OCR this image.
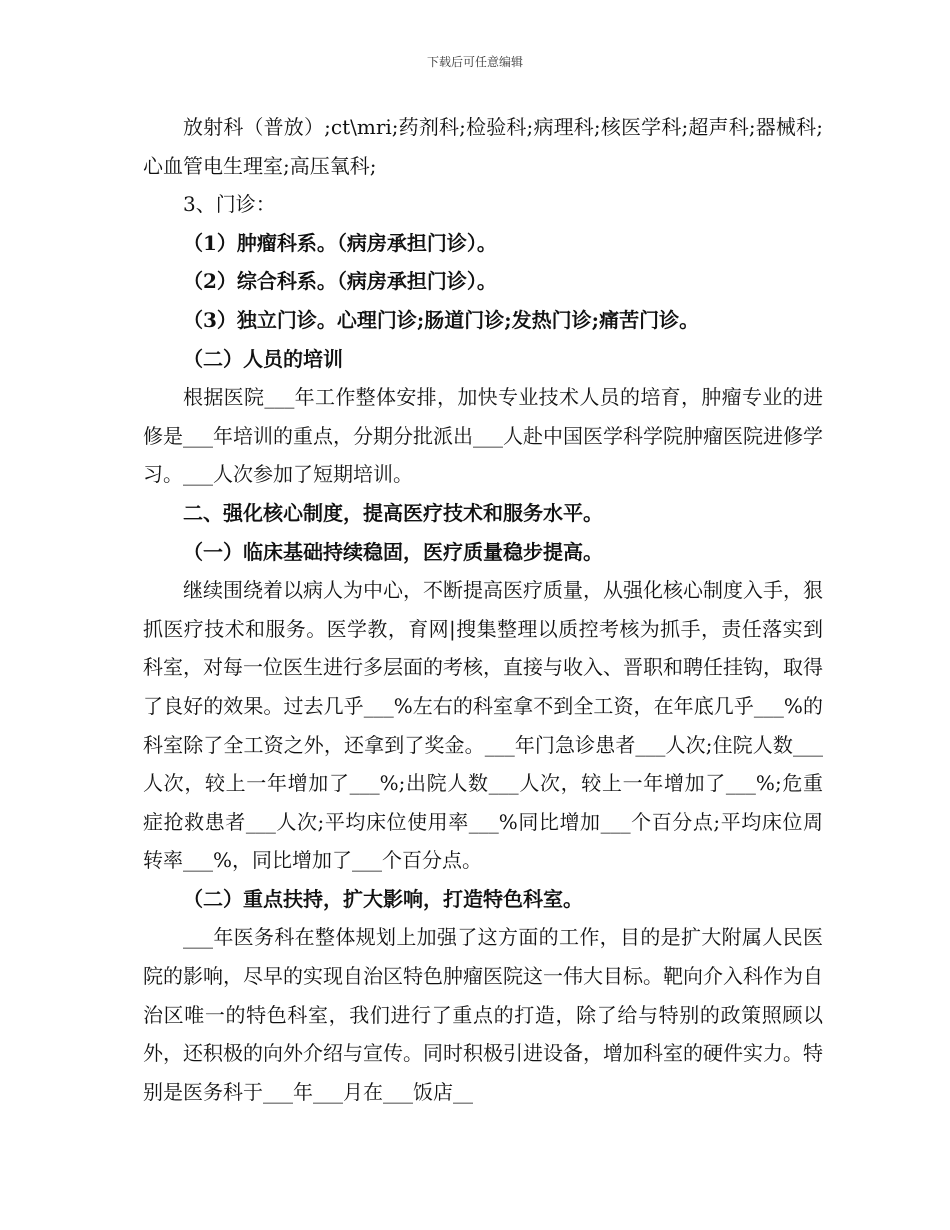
下载后可任意编辑

放射科（普放）;ct\mri;药剂科;检验科;病理科;核医学科;超声科;器械科;心血管电生理室;高压氧科;

3、门诊：

（1）肿瘤科系。（病房承担门诊）。

（2）综合科系。（病房承担门诊）。

（3）独立门诊。心理门诊;肠道门诊;发热门诊;痛苦门诊。

（二）人员的培训

根据医院___年工作整体安排，加快专业技术人员的培育，肿瘤专业的进修是___年培训的重点，分期分批派出___人赴中国医学科学院肿瘤医院进修学习。___人次参加了短期培训。

二、强化核心制度，提高医疗技术和服务水平。

（一）临床基础持续稳固，医疗质量稳步提高。

继续围绕着以病人为中心，不断提高医疗质量，从强化核心制度入手，狠抓医疗技术和服务。医学教，育网|搜集整理以质控考核为抓手，责任落实到科室，对每一位医生进行多层面的考核，直接与收入、晋职和聘任挂钩，取得了良好的效果。过去几乎___%左右的科室拿不到全工资，在年底几乎___%的科室除了全工资之外，还拿到了奖金。___年门急诊患者___人次;住院人数___人次，较上一年增加了___%;出院人数___人次，较上一年增加了___%;危重症抢救患者___人次;平均床位使用率___%同比增加___个百分点;平均床位周转率___%，同比增加了___个百分点。

（二）重点扶持，扩大影响，打造特色科室。

___年医务科在整体规划上加强了这方面的工作，目的是扩大附属人民医院的影响，尽早的实现自治区特色肿瘤医院这一伟大目标。靶向介入科作为自治区唯一的特色科室，我们进行了重点的打造，除了给与特别的政策照顾以外，还积极的向外介绍与宣传。同时积极引进设备，增加科室的硬件实力。特别是医务科于___年___月在___饭店__
